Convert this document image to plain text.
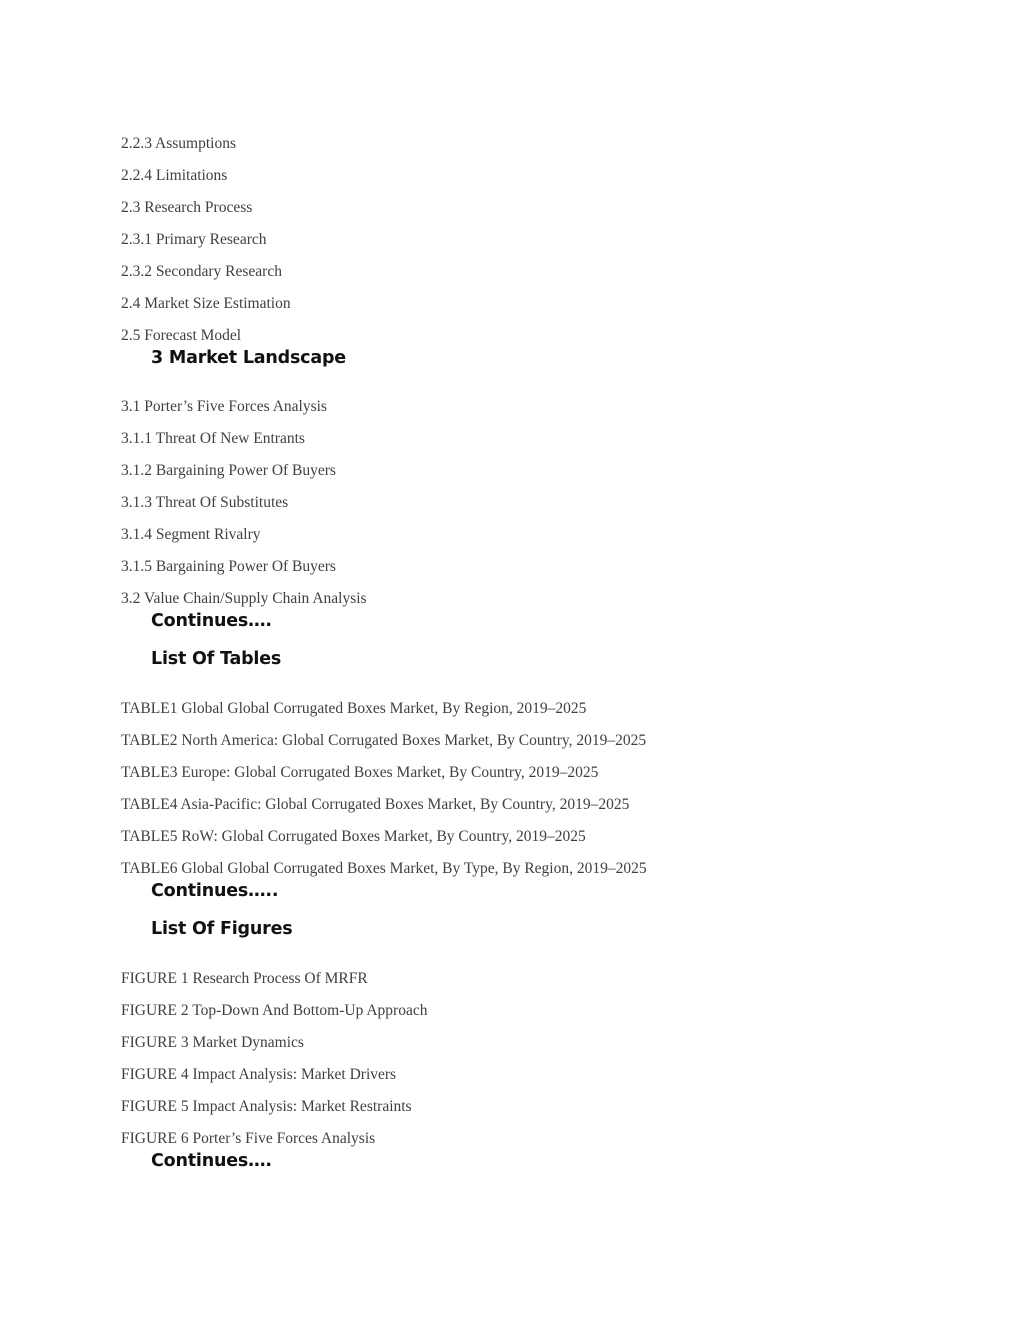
2.2.3 Assumptions
2.2.4 Limitations
2.3 Research Process
2.3.1 Primary Research
2.3.2 Secondary Research
2.4 Market Size Estimation
2.5 Forecast Model
3 Market Landscape
3.1 Porter’s Five Forces Analysis
3.1.1 Threat Of New Entrants
3.1.2 Bargaining Power Of Buyers
3.1.3 Threat Of Substitutes
3.1.4 Segment Rivalry
3.1.5 Bargaining Power Of Buyers
3.2 Value Chain/Supply Chain Analysis
Continues….
List Of Tables
TABLE1 Global Global Corrugated Boxes Market, By Region, 2019–2025
TABLE2 North America: Global Corrugated Boxes Market, By Country, 2019–2025
TABLE3 Europe: Global Corrugated Boxes Market, By Country, 2019–2025
TABLE4 Asia-Pacific: Global Corrugated Boxes Market, By Country, 2019–2025
TABLE5 RoW: Global Corrugated Boxes Market, By Country, 2019–2025
TABLE6 Global Global Corrugated Boxes Market, By Type, By Region, 2019–2025
Continues…..
List Of Figures
FIGURE 1 Research Process Of MRFR
FIGURE 2 Top-Down And Bottom-Up Approach
FIGURE 3 Market Dynamics
FIGURE 4 Impact Analysis: Market Drivers
FIGURE 5 Impact Analysis: Market Restraints
FIGURE 6 Porter’s Five Forces Analysis
Continues….
